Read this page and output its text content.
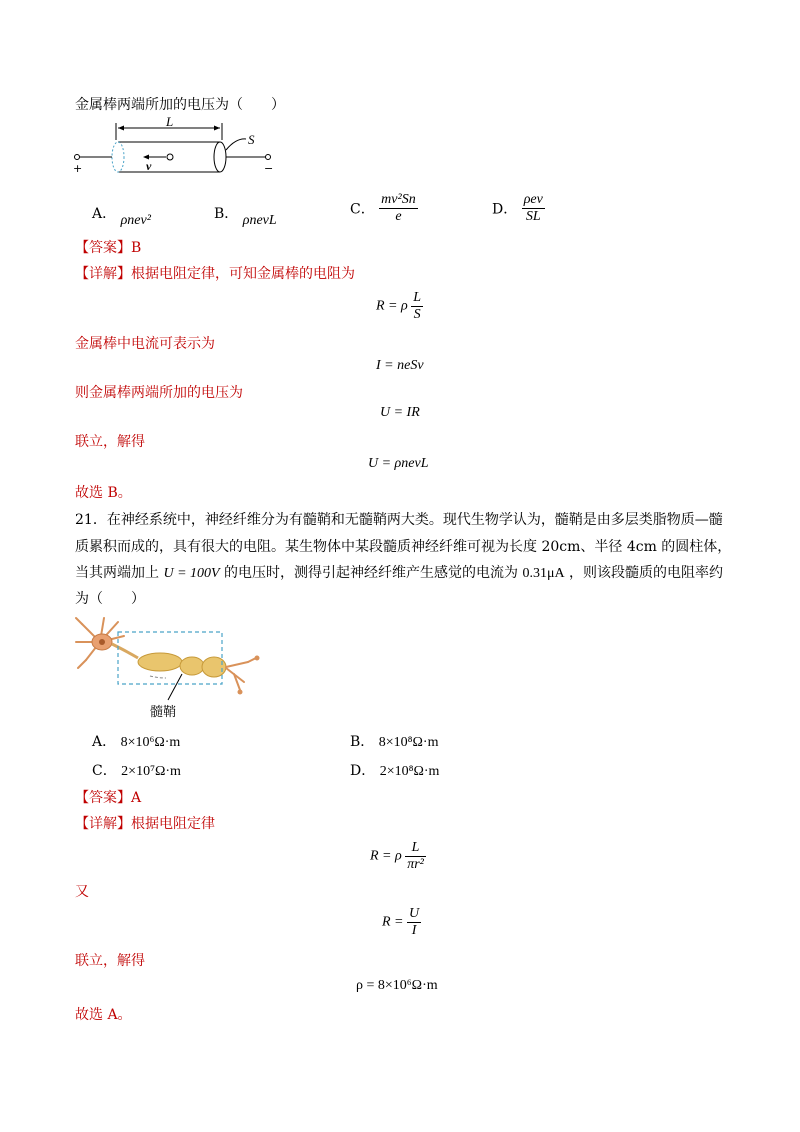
金属棒两端所加的电压为（　　）
L
+	−
S
v
A． ρnev²	B． ρnevL
C． $\frac{\text{mv²Sn}}{e}$	D． $\frac{\text{ρev}}{SL}$
【答案】B
【详解】根据电阻定律，可知金属棒的电阻为
R = ρ $\frac{L}{S}$
金属棒中电流可表示为
I = neSv
则金属棒两端所加的电压为
U = IR
联立，解得
U = ρnevL
故选 B。
21．在神经系统中，神经纤维分为有髓鞘和无髓鞘两大类。现代生物学认为，髓鞘是由多层类脂物质—髓
质累积而成的，具有很大的电阻。某生物体中某段髓质神经纤维可视为长度 20cm、半径 4cm 的圆柱体，
当其两端加上 U = 100V 的电压时，测得引起神经纤维产生感觉的电流为 0.31μA ，则该段髓质的电阻率约
为（　　）
髓鞘
A． 8×10⁶Ω·m	B． 8×10⁸Ω·m
C． 2×10⁷Ω·m	D． 2×10⁸Ω·m
【答案】A
【详解】根据电阻定律
R = ρ $\frac{L}{\text{πr²}}$
又
$R = \frac{U}{I}$
联立，解得
ρ = 8×10⁶Ω·m
故选 A。
